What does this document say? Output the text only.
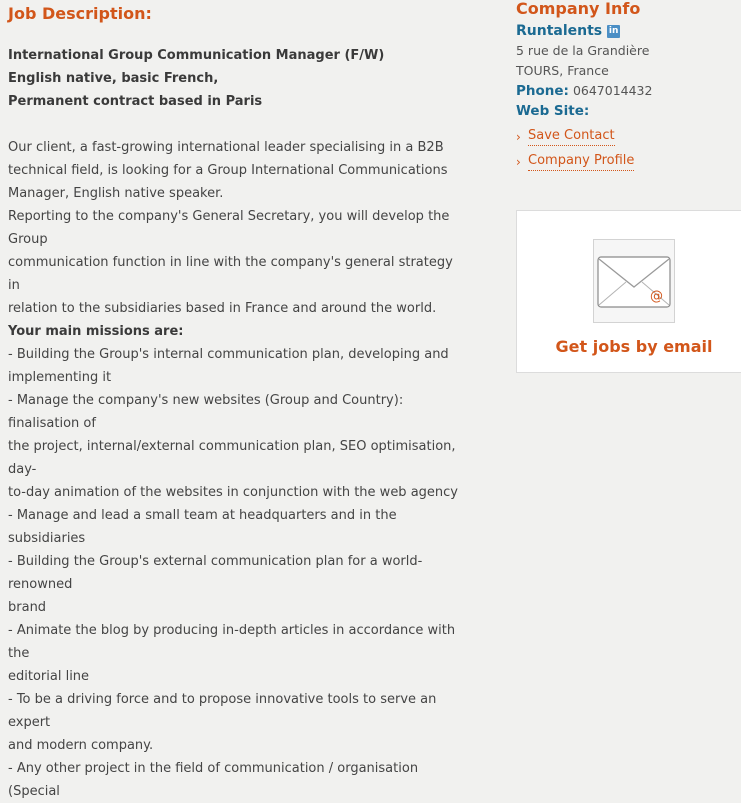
Job Description:
International Group Communication Manager (F/W)
English native, basic French,
Permanent contract based in Paris
Our client, a fast-growing international leader specialising in a B2B
technical field, is looking for a Group International Communications
Manager, English native speaker.
Reporting to the company's General Secretary, you will develop the Group
communication function in line with the company's general strategy in
relation to the subsidiaries based in France and around the world.
Your main missions are:
- Building the Group's internal communication plan, developing and
implementing it
- Manage the company's new websites (Group and Country): finalisation of
the project, internal/external communication plan, SEO optimisation, day-
to-day animation of the websites in conjunction with the web agency
- Manage and lead a small team at headquarters and in the subsidiaries
- Building the Group's external communication plan for a world-renowned
brand
- Animate the blog by producing in-depth articles in accordance with the
editorial line
- To be a driving force and to propose innovative tools to serve an expert
and modern company.
- Any other project in the field of communication / organisation (Special
Company Info
Runtalents in
5 rue de la Grandière
TOURS, France
Phone: 0647014432
Web Site:
› Save Contact
› Company Profile
@
Get jobs by email
